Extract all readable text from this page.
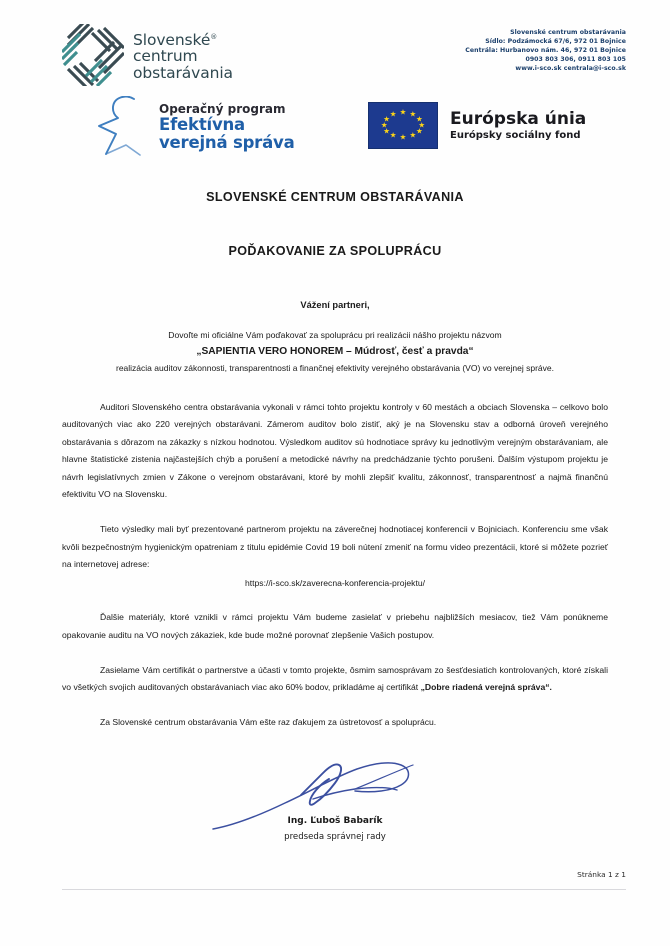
Slovenské®
centrum
obstarávania
Slovenské centrum obstarávania
Sídlo: Podzámocká 67/6, 972 01 Bojnice
Centrála: Hurbanovo nám. 46, 972 01 Bojnice
0903 803 306, 0911 803 105
www.i-sco.sk centrala@i-sco.sk
Operačný program
Efektívna
verejná správa
★ ★ ★
★
★
★
★
★
★
★
★ ★	Európska únia
Európsky sociálny fond
SLOVENSKÉ CENTRUM OBSTARÁVANIA
POĎAKOVANIE ZA SPOLUPRÁCU
Vážení partneri,
Dovoľte mi oficiálne Vám poďakovať za spoluprácu pri realizácii nášho projektu názvom
„SAPIENTIA VERO HONOREM – Múdrosť, česť a pravda“
realizácia auditov zákonnosti, transparentnosti a finančnej efektivity verejného obstarávania (VO) vo verejnej správe.

Auditori Slovenského centra obstarávania vykonali v rámci tohto projektu kontroly v 60 mestách a obciach Slovenska – celkovo bolo auditovaných viac ako 220 verejných obstarávani. Zámerom auditov bolo zistiť, aký je na Slovensku stav a odborná úroveň verejného obstarávania s dôrazom na zákazky s nízkou hodnotou. Výsledkom auditov sú hodnotiace správy ku jednotlivým verejným obstarávaniam, ale hlavne štatistické zistenia najčastejších chýb a porušení a metodické návrhy na predchádzanie týchto porušeni. Ďalším výstupom projektu je návrh legislatívnych zmien v Zákone o verejnom obstarávani, ktoré by mohli zlepšiť kvalitu, zákonnosť, transparentnosť a najmä finančnú efektivitu VO na Slovensku.

Tieto výsledky mali byť prezentované partnerom projektu na záverečnej hodnotiacej konferencii v Bojniciach. Konferenciu sme však kvôli bezpečnostným hygienickým opatreniam z titulu epidémie Covid 19 boli nútení zmeniť na formu video prezentácii, ktoré si môžete pozrieť na internetovej adrese:

https://i-sco.sk/zaverecna-konferencia-projektu/

Ďalšie materiály, ktoré vznikli v rámci projektu Vám budeme zasielať v priebehu najbližších mesiacov, tiež Vám ponúkneme opakovanie auditu na VO nových zákaziek, kde bude možné porovnať zlepšenie Vašich postupov.

Zasielame Vám certifikát o partnerstve a účasti v tomto projekte, ôsmim samosprávam zo šesťdesiatich kontrolovaných, ktoré získali vo všetkých svojich auditovaných obstarávaniach viac ako 60% bodov, prikladáme aj certifikát „Dobre riadená verejná správa“.

Za Slovenské centrum obstarávania Vám ešte raz ďakujem za ústretovosť a spoluprácu.

Ing. Ľuboš Babarík
predseda správnej rady
Stránka 1 z 1
